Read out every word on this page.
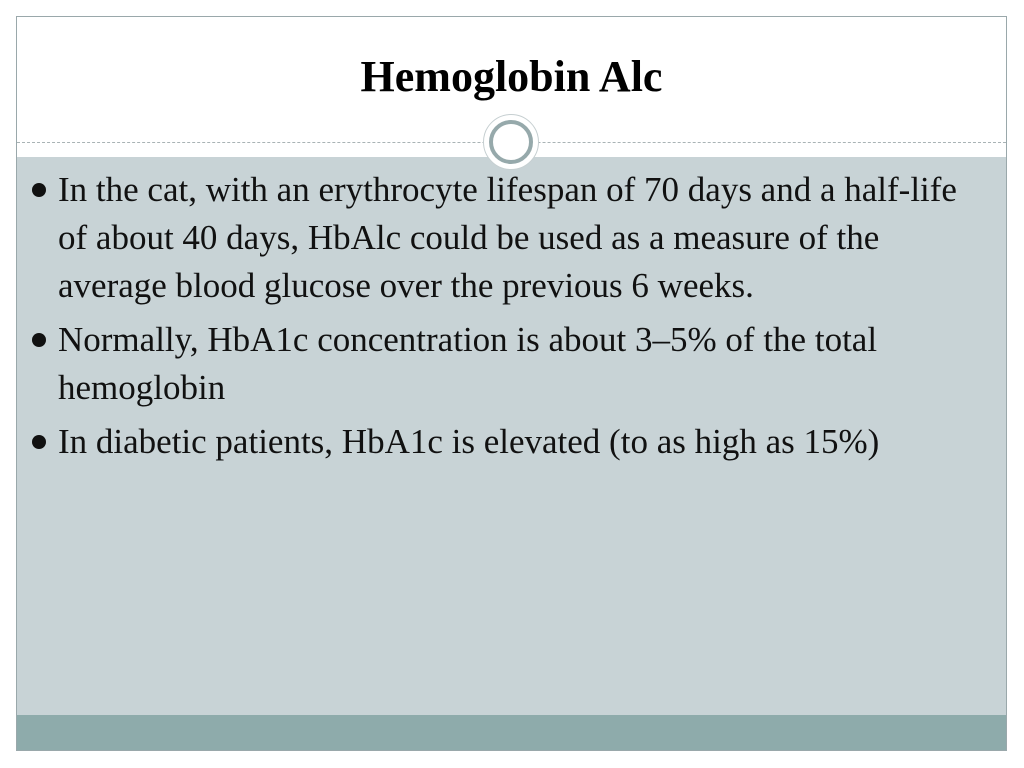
Hemoglobin Alc
In the cat, with an erythrocyte lifespan of 70 days and a half-life of about 40 days, HbAlc could be used as a measure of the average blood glucose over the previous 6 weeks.
Normally, HbA1c concentration is about 3–5% of the total hemoglobin
In diabetic patients, HbA1c is elevated (to as high as 15%)
